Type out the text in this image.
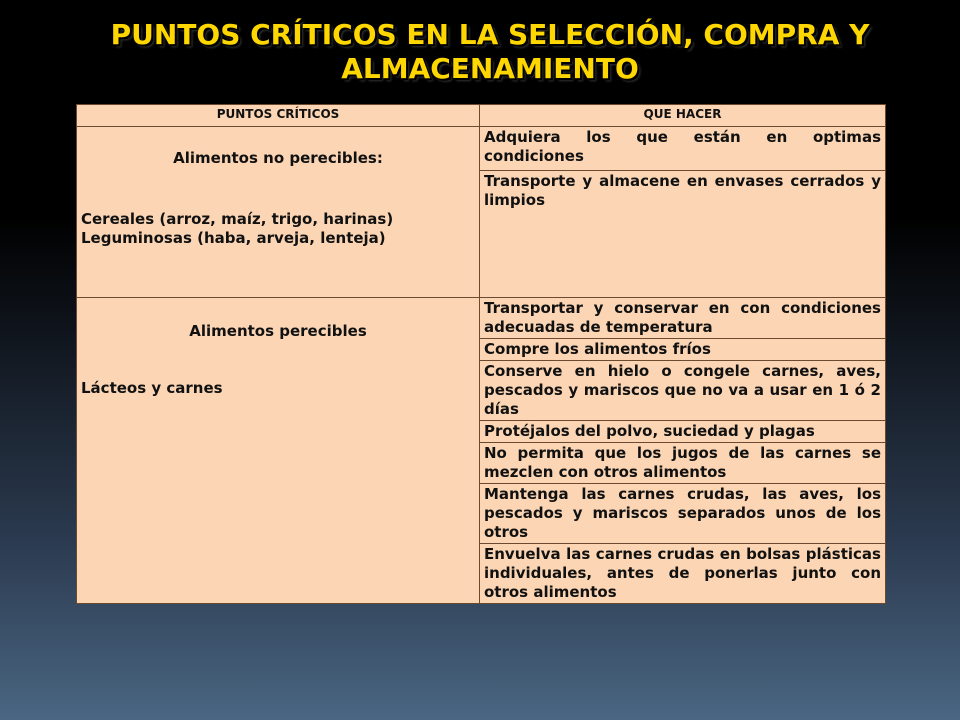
PUNTOS CRÍTICOS EN LA SELECCIÓN, COMPRA Y ALMACENAMIENTO
PUNTOS CRÍTICOS	QUE HACER

Alimentos no perecibles:
Cereales (arroz, maíz, trigo, harinas)
Leguminosas (haba, arveja, lenteja)	Adquiera los que están en optimas condiciones
	Transporte y almacene en envases cerrados y limpios

Alimentos perecibles
Lácteos y carnes	Transportar y conservar en con condiciones adecuadas de temperatura
	Compre los alimentos fríos
	Conserve en hielo o congele carnes, aves, pescados y mariscos que no va a usar en 1 ó 2 días
	Protéjalos del polvo, suciedad y plagas
	No permita que los jugos de las carnes se mezclen con otros alimentos
	Mantenga las carnes crudas, las aves, los pescados y mariscos separados unos de los otros
	Envuelva las carnes crudas en bolsas plásticas individuales, antes de ponerlas junto con otros alimentos
